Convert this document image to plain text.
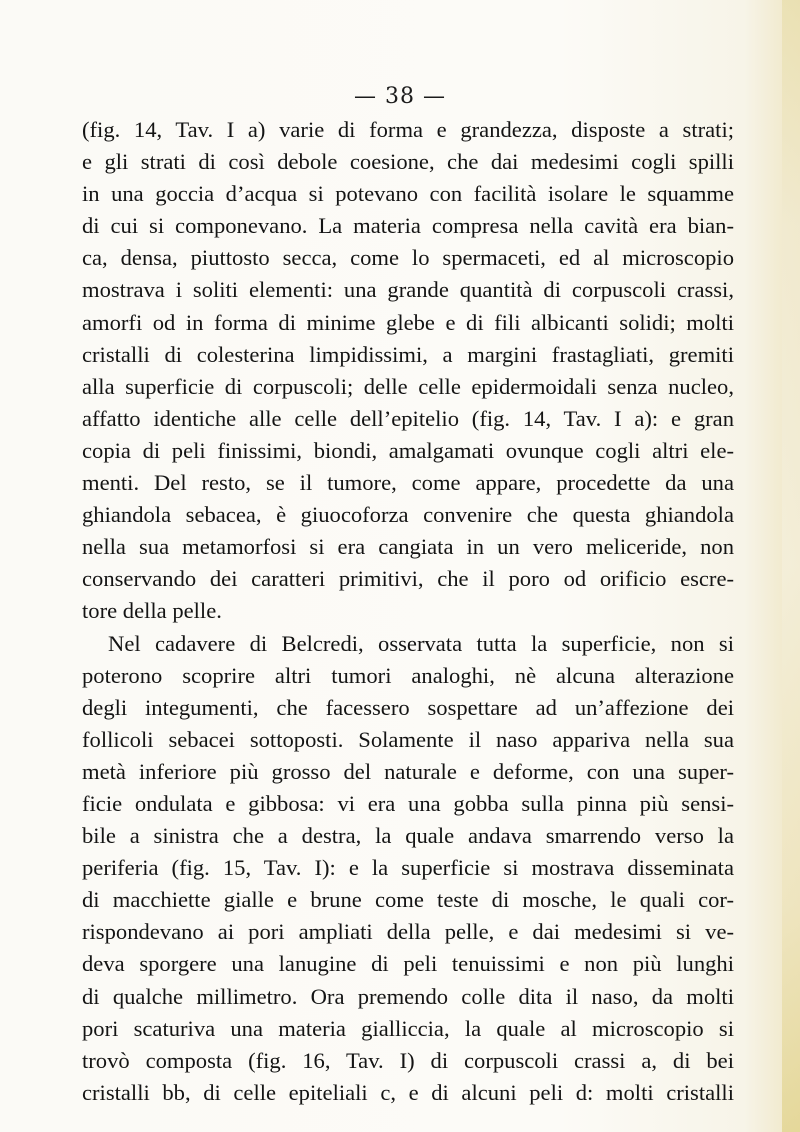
— 38 —
(fig. 14, Tav. I a) varie di forma e grandezza, disposte a strati;
e gli strati di così debole coesione, che dai medesimi cogli spilli
in una goccia d’acqua si potevano con facilità isolare le squamme
di cui si componevano. La materia compresa nella cavità era bian-
ca, densa, piuttosto secca, come lo spermaceti, ed al microscopio
mostrava i soliti elementi: una grande quantità di corpuscoli crassi,
amorfi od in forma di minime glebe e di fili albicanti solidi; molti
cristalli di colesterina limpidissimi, a margini frastagliati, gremiti
alla superficie di corpuscoli; delle celle epidermoidali senza nucleo,
affatto identiche alle celle dell’epitelio (fig. 14, Tav. I a): e gran
copia di peli finissimi, biondi, amalgamati ovunque cogli altri ele-
menti. Del resto, se il tumore, come appare, procedette da una
ghiandola sebacea, è giuocoforza convenire che questa ghiandola
nella sua metamorfosi si era cangiata in un vero meliceride, non
conservando dei caratteri primitivi, che il poro od orificio escre-
tore della pelle.
Nel cadavere di Belcredi, osservata tutta la superficie, non si
poterono scoprire altri tumori analoghi, nè alcuna alterazione
degli integumenti, che facessero sospettare ad un’affezione dei
follicoli sebacei sottoposti. Solamente il naso appariva nella sua
metà inferiore più grosso del naturale e deforme, con una super-
ficie ondulata e gibbosa: vi era una gobba sulla pinna più sensi-
bile a sinistra che a destra, la quale andava smarrendo verso la
periferia (fig. 15, Tav. I): e la superficie si mostrava disseminata
di macchiette gialle e brune come teste di mosche, le quali cor-
rispondevano ai pori ampliati della pelle, e dai medesimi si ve-
deva sporgere una lanugine di peli tenuissimi e non più lunghi
di qualche millimetro. Ora premendo colle dita il naso, da molti
pori scaturiva una materia gialliccia, la quale al microscopio si
trovò composta (fig. 16, Tav. I) di corpuscoli crassi a, di bei
cristalli bb, di celle epiteliali c, e di alcuni peli d: molti cristalli
